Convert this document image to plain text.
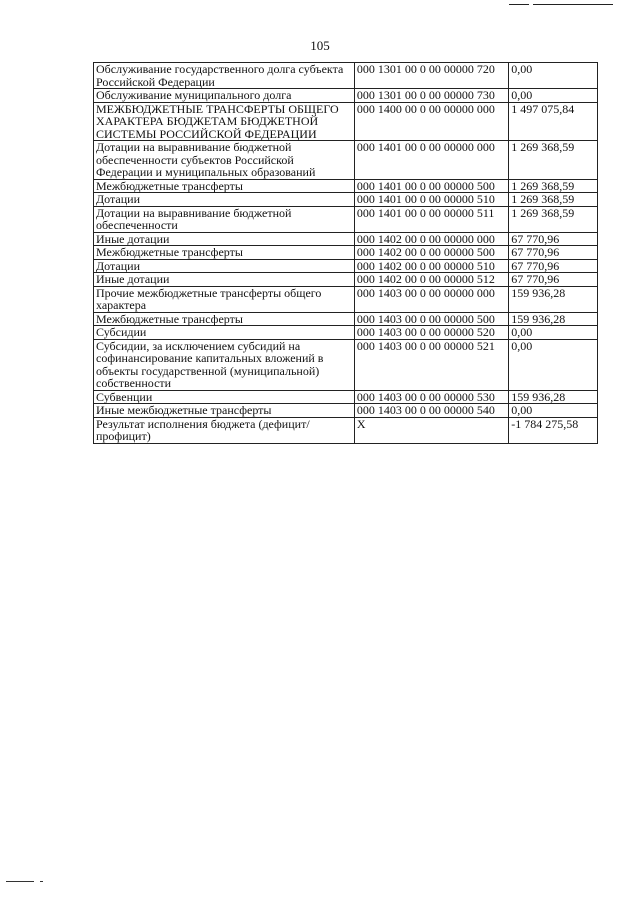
105
Обслуживание государственного долга субъекта Российской Федерации	000 1301 00 0 00 00000 720	0,00
Обслуживание муниципального долга	000 1301 00 0 00 00000 730	0,00
МЕЖБЮДЖЕТНЫЕ ТРАНСФЕРТЫ ОБЩЕГО ХАРАКТЕРА БЮДЖЕТАМ БЮДЖЕТНОЙ СИСТЕМЫ РОССИЙСКОЙ ФЕДЕРАЦИИ	000 1400 00 0 00 00000 000	1 497 075,84
Дотации на выравнивание бюджетной обеспеченности субъектов Российской Федерации и муниципальных образований	000 1401 00 0 00 00000 000	1 269 368,59
Межбюджетные трансферты	000 1401 00 0 00 00000 500	1 269 368,59
Дотации	000 1401 00 0 00 00000 510	1 269 368,59
Дотации на выравнивание бюджетной обеспеченности	000 1401 00 0 00 00000 511	1 269 368,59
Иные дотации	000 1402 00 0 00 00000 000	67 770,96
Межбюджетные трансферты	000 1402 00 0 00 00000 500	67 770,96
Дотации	000 1402 00 0 00 00000 510	67 770,96
Иные дотации	000 1402 00 0 00 00000 512	67 770,96
Прочие межбюджетные трансферты общего характера	000 1403 00 0 00 00000 000	159 936,28
Межбюджетные трансферты	000 1403 00 0 00 00000 500	159 936,28
Субсидии	000 1403 00 0 00 00000 520	0,00
Субсидии, за исключением субсидий на софинансирование капитальных вложений в объекты государственной (муниципальной) собственности	000 1403 00 0 00 00000 521	0,00
Субвенции	000 1403 00 0 00 00000 530	159 936,28
Иные межбюджетные трансферты	000 1403 00 0 00 00000 540	0,00
Результат исполнения бюджета (дефицит/профицит)	X	-1 784 275,58
